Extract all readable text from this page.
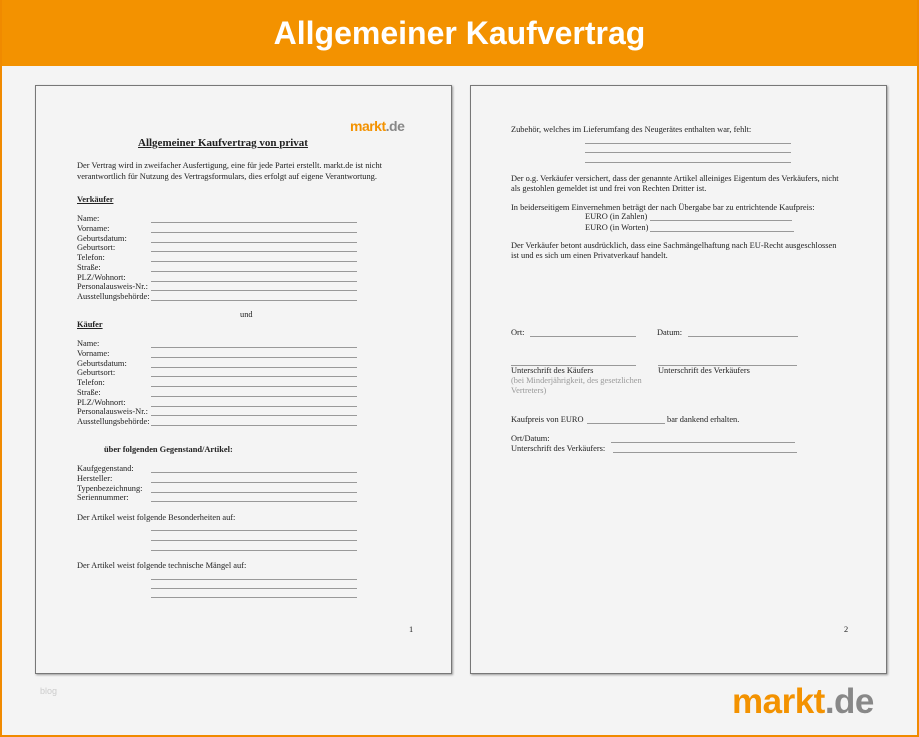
Allgemeiner Kaufvertrag
markt.de
Allgemeiner Kaufvertrag von privat
Der Vertrag wird in zweifacher Ausfertigung, eine für jede Partei erstellt. markt.de ist nicht
verantwortlich für Nutzung des Vertragsformulars, dies erfolgt auf eigene Verantwortung.
Verkäufer
Name:
Vorname:
Geburtsdatum:
Geburtsort:
Telefon:
Straße:
PLZ/Wohnort:
Personalausweis-Nr.:
Ausstellungsbehörde:
und
Käufer
Name:
Vorname:
Geburtsdatum:
Geburtsort:
Telefon:
Straße:
PLZ/Wohnort:
Personalausweis-Nr.:
Ausstellungsbehörde:
über folgenden Gegenstand/Artikel:
Kaufgegenstand:
Hersteller:
Typenbezeichnung:
Seriennummer:
Der Artikel weist folgende Besonderheiten auf:
Der Artikel weist folgende technische Mängel auf:
1
Zubehör, welches im Lieferumfang des Neugerätes enthalten war, fehlt:
Der o.g. Verkäufer versichert, dass der genannte Artikel alleiniges Eigentum des Verkäufers, nicht
als gestohlen gemeldet ist und frei von Rechten Dritter ist.
In beiderseitigem Einvernehmen beträgt der nach Übergabe bar zu entrichtende Kaufpreis:
EURO (in Zahlen)
EURO (in Worten)
Der Verkäufer betont ausdrücklich, dass eine Sachmängelhaftung nach EU-Recht ausgeschlossen
ist und es sich um einen Privatverkauf handelt.
Ort:	Datum:
Unterschrift des Käufers
(bei Minderjährigkeit, des gesetzlichen
Vertreters)
Unterschrift des Verkäufers
Kaufpreis von EURO	bar dankend erhalten.
Ort/Datum:
Unterschrift des Verkäufers:
2
blog	markt.de
